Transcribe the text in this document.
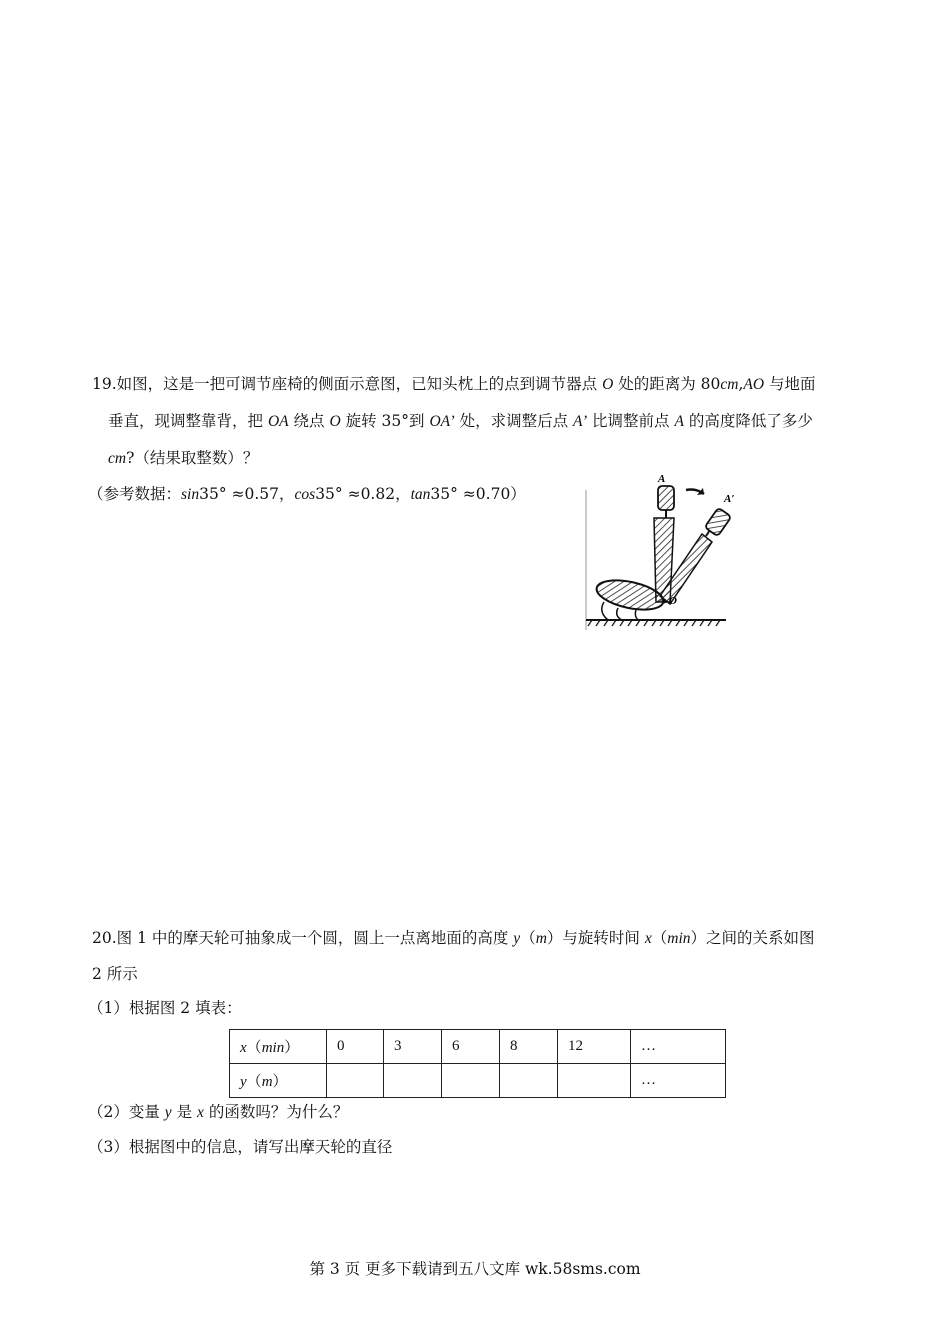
19.如图，这是一把可调节座椅的侧面示意图，已知头枕上的点到调节器点 O 处的距离为 80cm,AO 与地面
垂直，现调整靠背，把 OA 绕点 O 旋转 35°到 OA’ 处，求调整后点 A’ 比调整前点 A 的高度降低了多少
cm?（结果取整数）？
（参考数据：sin35° ≈0.57，cos35° ≈0.82，tan35° ≈0.70）
A
A′
O
20.图 1 中的摩天轮可抽象成一个圆，圆上一点离地面的高度 y（m）与旋转时间 x（min）之间的关系如图
2 所示
（1）根据图 2 填表：
x（min）	0	3	6	8	12	…
y（m）						…
（2）变量 y 是 x 的函数吗？为什么？
（3）根据图中的信息，请写出摩天轮的直径
第 3 页 更多下载请到五八文库 wk.58sms.com
